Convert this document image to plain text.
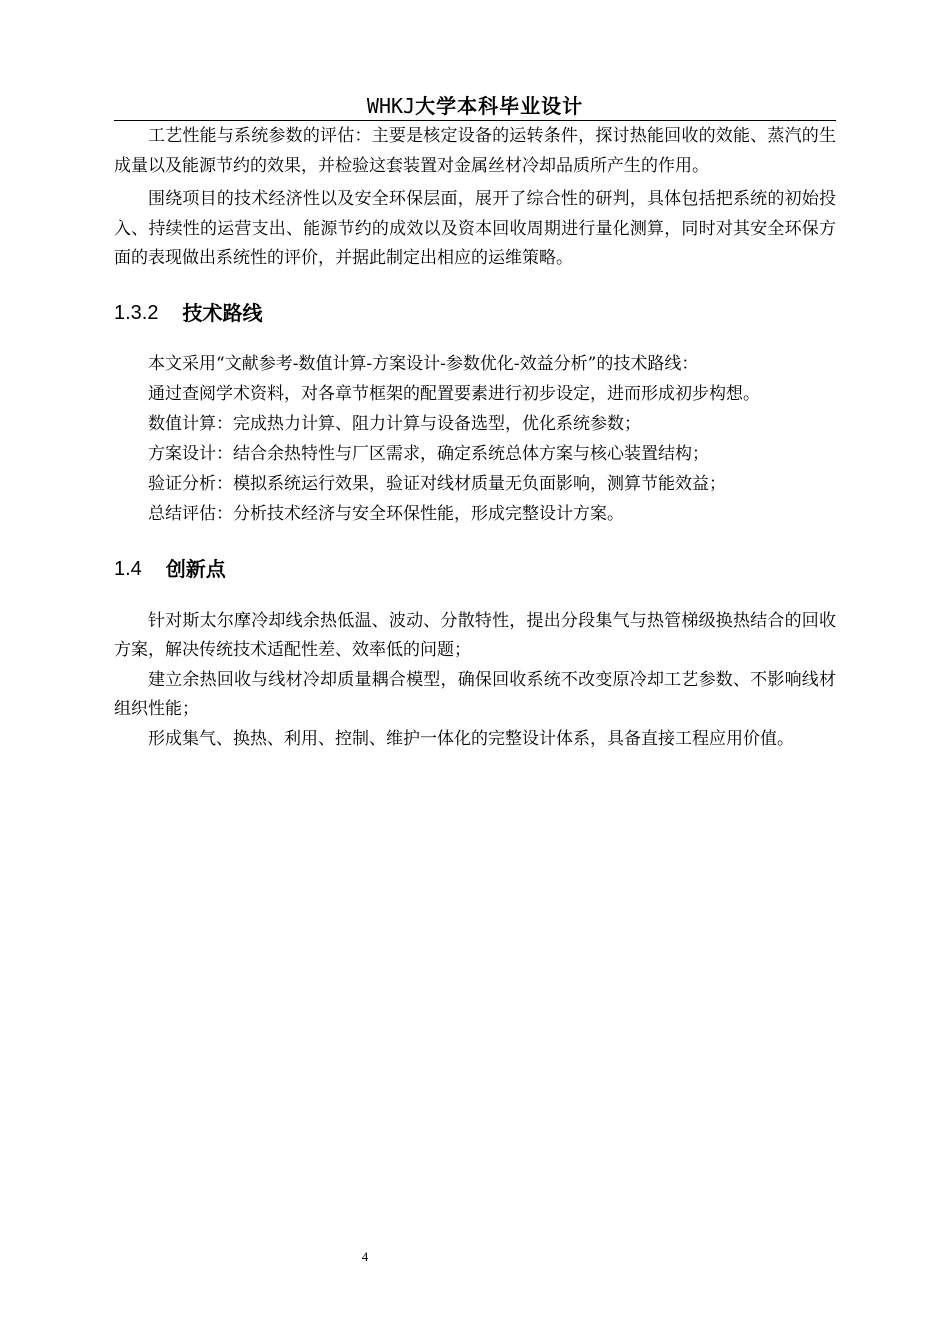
WHKJ大学本科毕业设计

工艺性能与系统参数的评估：主要是核定设备的运转条件，探讨热能回收的效能、蒸汽的生成量以及能源节约的效果，并检验这套装置对金属丝材冷却品质所产生的作用。

围绕项目的技术经济性以及安全环保层面，展开了综合性的研判，具体包括把系统的初始投入、持续性的运营支出、能源节约的成效以及资本回收周期进行量化测算，同时对其安全环保方面的表现做出系统性的评价，并据此制定出相应的运维策略。

1.3.2 技术路线

本文采用“文献参考-数值计算-方案设计-参数优化-效益分析”的技术路线：

通过查阅学术资料，对各章节框架的配置要素进行初步设定，进而形成初步构想。

数值计算：完成热力计算、阻力计算与设备选型，优化系统参数；

方案设计：结合余热特性与厂区需求，确定系统总体方案与核心装置结构；

验证分析：模拟系统运行效果，验证对线材质量无负面影响，测算节能效益；

总结评估：分析技术经济与安全环保性能，形成完整设计方案。

1.4 创新点

针对斯太尔摩冷却线余热低温、波动、分散特性，提出分段集气与热管梯级换热结合的回收方案，解决传统技术适配性差、效率低的问题；

建立余热回收与线材冷却质量耦合模型，确保回收系统不改变原冷却工艺参数、不影响线材组织性能；

形成集气、换热、利用、控制、维护一体化的完整设计体系，具备直接工程应用价值。

4
